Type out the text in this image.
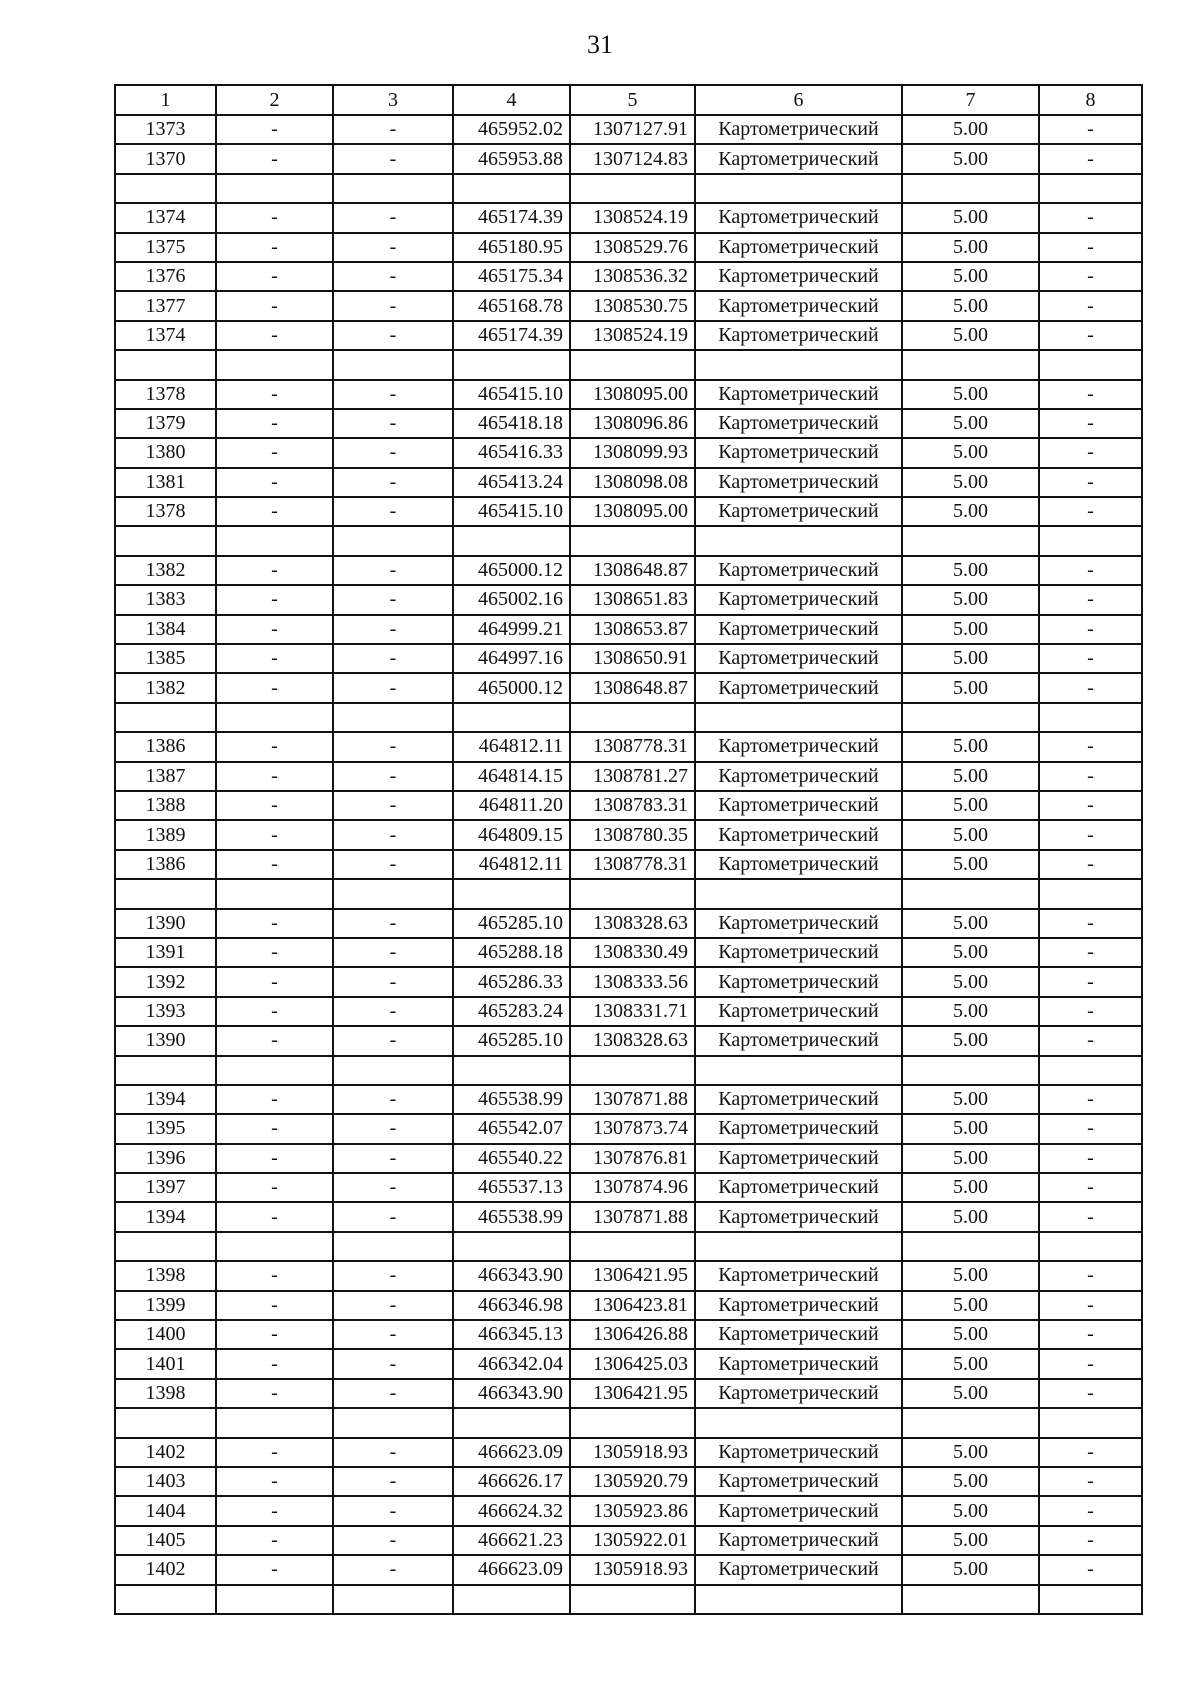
31
1	2	3	4	5	6	7	8
1373	-	-	465952.02	1307127.91	Картометрический	5.00	-
1370	-	-	465953.88	1307124.83	Картометрический	5.00	-

1374	-	-	465174.39	1308524.19	Картометрический	5.00	-
1375	-	-	465180.95	1308529.76	Картометрический	5.00	-
1376	-	-	465175.34	1308536.32	Картометрический	5.00	-
1377	-	-	465168.78	1308530.75	Картометрический	5.00	-
1374	-	-	465174.39	1308524.19	Картометрический	5.00	-

1378	-	-	465415.10	1308095.00	Картометрический	5.00	-
1379	-	-	465418.18	1308096.86	Картометрический	5.00	-
1380	-	-	465416.33	1308099.93	Картометрический	5.00	-
1381	-	-	465413.24	1308098.08	Картометрический	5.00	-
1378	-	-	465415.10	1308095.00	Картометрический	5.00	-

1382	-	-	465000.12	1308648.87	Картометрический	5.00	-
1383	-	-	465002.16	1308651.83	Картометрический	5.00	-
1384	-	-	464999.21	1308653.87	Картометрический	5.00	-
1385	-	-	464997.16	1308650.91	Картометрический	5.00	-
1382	-	-	465000.12	1308648.87	Картометрический	5.00	-

1386	-	-	464812.11	1308778.31	Картометрический	5.00	-
1387	-	-	464814.15	1308781.27	Картометрический	5.00	-
1388	-	-	464811.20	1308783.31	Картометрический	5.00	-
1389	-	-	464809.15	1308780.35	Картометрический	5.00	-
1386	-	-	464812.11	1308778.31	Картометрический	5.00	-

1390	-	-	465285.10	1308328.63	Картометрический	5.00	-
1391	-	-	465288.18	1308330.49	Картометрический	5.00	-
1392	-	-	465286.33	1308333.56	Картометрический	5.00	-
1393	-	-	465283.24	1308331.71	Картометрический	5.00	-
1390	-	-	465285.10	1308328.63	Картометрический	5.00	-

1394	-	-	465538.99	1307871.88	Картометрический	5.00	-
1395	-	-	465542.07	1307873.74	Картометрический	5.00	-
1396	-	-	465540.22	1307876.81	Картометрический	5.00	-
1397	-	-	465537.13	1307874.96	Картометрический	5.00	-
1394	-	-	465538.99	1307871.88	Картометрический	5.00	-

1398	-	-	466343.90	1306421.95	Картометрический	5.00	-
1399	-	-	466346.98	1306423.81	Картометрический	5.00	-
1400	-	-	466345.13	1306426.88	Картометрический	5.00	-
1401	-	-	466342.04	1306425.03	Картометрический	5.00	-
1398	-	-	466343.90	1306421.95	Картометрический	5.00	-

1402	-	-	466623.09	1305918.93	Картометрический	5.00	-
1403	-	-	466626.17	1305920.79	Картометрический	5.00	-
1404	-	-	466624.32	1305923.86	Картометрический	5.00	-
1405	-	-	466621.23	1305922.01	Картометрический	5.00	-
1402	-	-	466623.09	1305918.93	Картометрический	5.00	-
